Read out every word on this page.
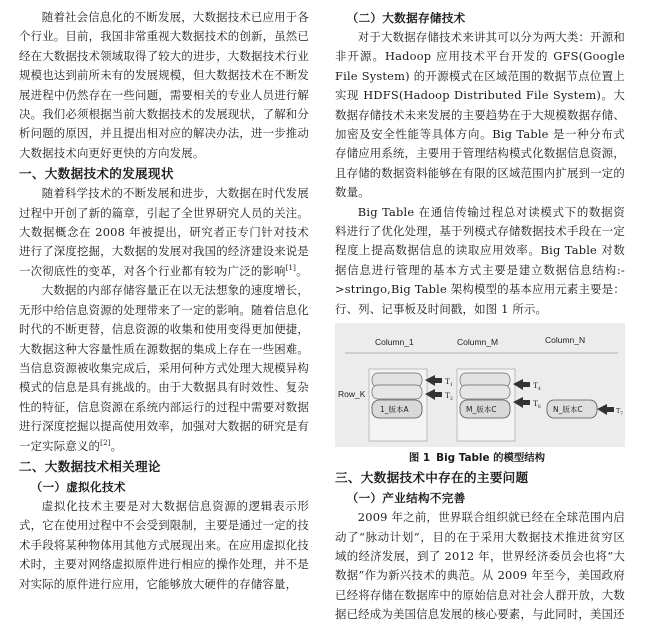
随着社会信息化的不断发展，大数据技术已应用于各个行业。目前，我国非常重视大数据技术的创新，虽然已经在大数据技术领域取得了较大的进步，大数据技术行业规模也达到前所未有的发展规模，但大数据技术在不断发展进程中仍然存在一些问题，需要相关的专业人员进行解决。我们必须根据当前大数据技术的发展现状，了解和分析问题的原因，并且提出相对应的解决办法，进一步推动大数据技术向更好更快的方向发展。

一、大数据技术的发展现状

随着科学技术的不断发展和进步，大数据在时代发展过程中开创了新的篇章，引起了全世界研究人员的关注。大数据概念在 2008 年被提出，研究者正专门针对技术进行了深度挖掘，大数据的发展对我国的经济建设来说是一次彻底性的变革，对各个行业都有较为广泛的影响[1]。

大数据的内部存储容量正在以无法想象的速度增长，无形中给信息资源的处理带来了一定的影响。随着信息化时代的不断更替，信息资源的收集和使用变得更加便捷，大数据这种大容量性质在源数据的集成上存在一些困难。当信息资源被收集完成后，采用何种方式处理大规模异构模式的信息是具有挑战的。由于大数据具有时效性、复杂性的特征，信息资源在系统内部运行的过程中需要对数据进行深度挖掘以提高使用效率，加强对大数据的研究是有一定实际意义的[2]。

二、大数据技术相关理论
（一）虚拟化技术

虚拟化技术主要是对大数据信息资源的逻辑表示形式，它在使用过程中不会受到限制，主要是通过一定的技术手段将某种物体用其他方式展现出来。在应用虚拟化技术时，主要对网络虚拟原件进行相应的操作处理，并不是对实际的原件进行应用，它能够放大硬件的存储容量，

（二）大数据存储技术

对于大数据存储技术来讲其可以分为两大类：开源和非开源。Hadoop 应用技术平台开发的 GFS(Google File System) 的开源模式在区域范围的数据节点位置上实现 HDFS(Hadoop Distributed File System)。大数据存储技术未来发展的主要趋势在于大规模数据存储、加密及安全性能等具体方向。Big Table 是一种分布式存储应用系统，主要用于管理结构模式化数据信息资源，且存储的数据资料能够在有限的区域范围内扩展到一定的数量。

Big Table 在通信传输过程总对读模式下的数据资料进行了优化处理，基于列模式存储数据技术手段在一定程度上提高数据信息的读取应用效率。Big Table 对数据信息进行管理的基本方式主要是建立数据信息结构:->stringo,Big Table 架构模型的基本应用元素主要是：行、列、记事板及时间戳，如图 1 所示。

Column_1	Column_M	Column_N
Row_K
1_版本A	M_版本C	N_版本C
$T_1$
$T_3$
$T_4$
$T_6$	$T_7$
图 1 Big Table 的模型结构
三、大数据技术中存在的主要问题
（一）产业结构不完善

2009 年之前，世界联合组织就已经在全球范围内启动了“脉动计划”，目的在于采用大数据技术推进贫穷区域的经济发展，到了 2012 年，世界经济委员会也将“大数据”作为新兴技术的典范。从 2009 年至今，美国政府已经将存储在数据库中的原始信息对社会人群开放，大数据已经成为美国信息发展的核心要素，与此同时，美国还
